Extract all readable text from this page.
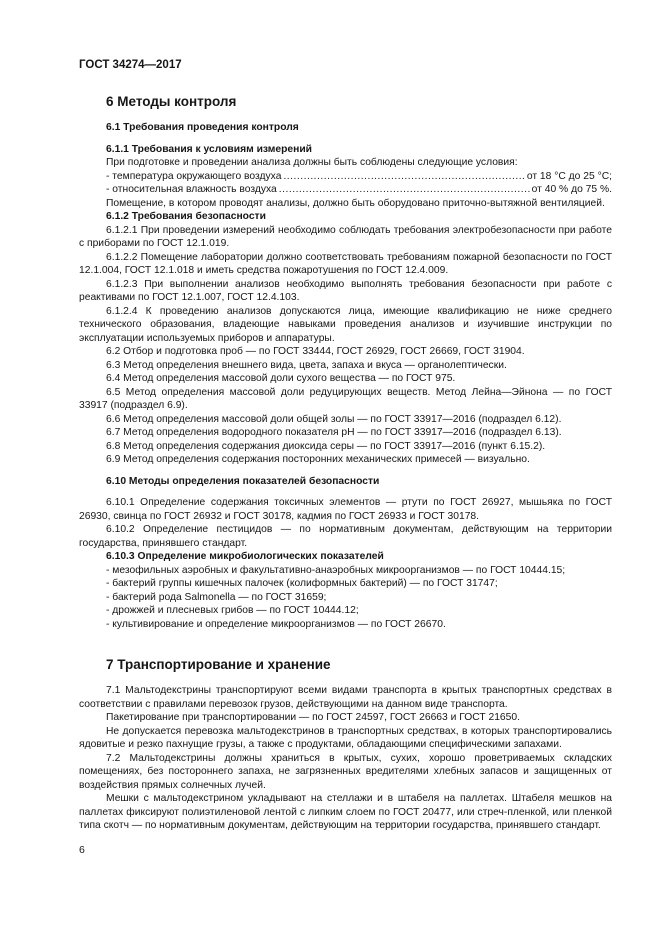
ГОСТ 34274—2017
6 Методы контроля
6.1 Требования проведения контроля
6.1.1 Требования к условиям измерений
При подготовке и проведении анализа должны быть соблюдены следующие условия:
- температура окружающего воздуха .....	от 18 °С до 25 °С;
- относительная влажность воздуха .....	от 40 % до 75 %.
Помещение, в котором проводят анализы, должно быть оборудовано приточно-вытяжной вентиляцией.
6.1.2 Требования безопасности
6.1.2.1 При проведении измерений необходимо соблюдать требования электробезопасности при работе с приборами по ГОСТ 12.1.019.
6.1.2.2 Помещение лаборатории должно соответствовать требованиям пожарной безопасности по ГОСТ 12.1.004, ГОСТ 12.1.018 и иметь средства пожаротушения по ГОСТ 12.4.009.
6.1.2.3 При выполнении анализов необходимо выполнять требования безопасности при работе с реактивами по ГОСТ 12.1.007, ГОСТ 12.4.103.
6.1.2.4 К проведению анализов допускаются лица, имеющие квалификацию не ниже среднего технического образования, владеющие навыками проведения анализов и изучившие инструкции по эксплуатации используемых приборов и аппаратуры.
6.2 Отбор и подготовка проб — по ГОСТ 33444, ГОСТ 26929, ГОСТ 26669, ГОСТ 31904.
6.3 Метод определения внешнего вида, цвета, запаха и вкуса — органолептически.
6.4 Метод определения массовой доли сухого вещества — по ГОСТ 975.
6.5 Метод определения массовой доли редуцирующих веществ. Метод Лейна—Эйнона — по ГОСТ 33917 (подраздел 6.9).
6.6 Метод определения массовой доли общей золы — по ГОСТ 33917—2016 (подраздел 6.12).
6.7 Метод определения водородного показателя рН — по ГОСТ 33917—2016 (подраздел 6.13).
6.8 Метод определения содержания диоксида серы — по ГОСТ 33917—2016 (пункт 6.15.2).
6.9 Метод определения содержания посторонних механических примесей — визуально.
6.10 Методы определения показателей безопасности
6.10.1 Определение содержания токсичных элементов — ртути по ГОСТ 26927, мышьяка по ГОСТ 26930, свинца по ГОСТ 26932 и ГОСТ 30178, кадмия по ГОСТ 26933 и ГОСТ 30178.
6.10.2 Определение пестицидов — по нормативным документам, действующим на территории государства, принявшего стандарт.
6.10.3 Определение микробиологических показателей
- мезофильных аэробных и факультативно-анаэробных микроорганизмов — по ГОСТ 10444.15;
- бактерий группы кишечных палочек (колиформных бактерий) — по ГОСТ 31747;
- бактерий рода Salmonella — по ГОСТ 31659;
- дрожжей и плесневых грибов — по ГОСТ 10444.12;
- культивирование и определение микроорганизмов — по ГОСТ 26670.
7 Транспортирование и хранение
7.1 Мальтодекстрины транспортируют всеми видами транспорта в крытых транспортных средствах в соответствии с правилами перевозок грузов, действующими на данном виде транспорта.
Пакетирование при транспортировании — по ГОСТ 24597, ГОСТ 26663 и ГОСТ 21650.
Не допускается перевозка мальтодекстринов в транспортных средствах, в которых транспортировались ядовитые и резко пахнущие грузы, а также с продуктами, обладающими специфическими запахами.
7.2 Мальтодекстрины должны храниться в крытых, сухих, хорошо проветриваемых складских помещениях, без постороннего запаха, не загрязненных вредителями хлебных запасов и защищенных от воздействия прямых солнечных лучей.
Мешки с мальтодекстрином укладывают на стеллажи и в штабеля на паллетах. Штабеля мешков на паллетах фиксируют полиэтиленовой лентой с липким слоем по ГОСТ 20477, или стреч-пленкой, или пленкой типа скотч — по нормативным документам, действующим на территории государства, принявшего стандарт.
6
